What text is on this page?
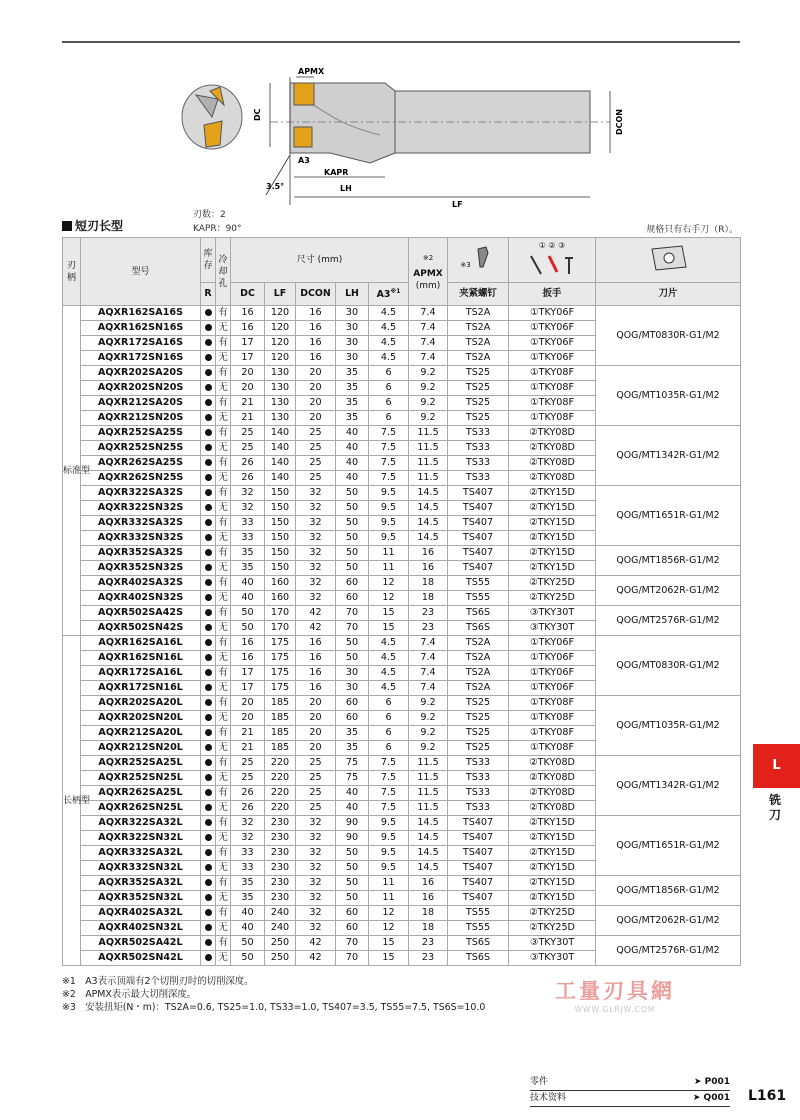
APMX
DC	DCON
A3
KAPR
LH
LF
3.5°
短刃长型
刃数：2
KAPR：90°	规格只有右手刀（R）。
刃柄	型号	库存	冷却孔	尺寸 (mm)					$^{※2}$
APMX
(mm)	$^{※3}$	① ② ③

		R		DC	LF	DCON	LH	A3$^{※1}$		夹紧螺钉	扳手	刀片
标准型	AQXR162SA16S		有	16	120	16	30	4.5	7.4	TS2A	①TKY06F	QOG/MT0830R-G1/M2
	AQXR162SN16S		无	16	120	16	30	4.5	7.4	TS2A	①TKY06F	
	AQXR172SA16S		有	17	120	16	30	4.5	7.4	TS2A	①TKY06F	
	AQXR172SN16S		无	17	120	16	30	4.5	7.4	TS2A	①TKY06F	
	AQXR202SA20S		有	20	130	20	35	6	9.2	TS25	①TKY08F	QOG/MT1035R-G1/M2
	AQXR202SN20S		无	20	130	20	35	6	9.2	TS25	①TKY08F	
	AQXR212SA20S		有	21	130	20	35	6	9.2	TS25	①TKY08F	
	AQXR212SN20S		无	21	130	20	35	6	9.2	TS25	①TKY08F	
	AQXR252SA25S		有	25	140	25	40	7.5	11.5	TS33	②TKY08D	QOG/MT1342R-G1/M2
	AQXR252SN25S		无	25	140	25	40	7.5	11.5	TS33	②TKY08D	
	AQXR262SA25S		有	26	140	25	40	7.5	11.5	TS33	②TKY08D	
	AQXR262SN25S		无	26	140	25	40	7.5	11.5	TS33	②TKY08D	
	AQXR322SA32S		有	32	150	32	50	9.5	14.5	TS407	②TKY15D	QOG/MT1651R-G1/M2
	AQXR322SN32S		无	32	150	32	50	9.5	14.5	TS407	②TKY15D	
	AQXR332SA32S		有	33	150	32	50	9.5	14.5	TS407	②TKY15D	
	AQXR332SN32S		无	33	150	32	50	9.5	14.5	TS407	②TKY15D	
	AQXR352SA32S		有	35	150	32	50	11	16	TS407	②TKY15D	QOG/MT1856R-G1/M2
	AQXR352SN32S		无	35	150	32	50	11	16	TS407	②TKY15D	
	AQXR402SA32S		有	40	160	32	60	12	18	TS55	②TKY25D	QOG/MT2062R-G1/M2
	AQXR402SN32S		无	40	160	32	60	12	18	TS55	②TKY25D	
	AQXR502SA42S		有	50	170	42	70	15	23	TS6S	③TKY30T	QOG/MT2576R-G1/M2
	AQXR502SN42S		无	50	170	42	70	15	23	TS6S	③TKY30T	
长柄型	AQXR162SA16L		有	16	175	16	50	4.5	7.4	TS2A	①TKY06F	QOG/MT0830R-G1/M2
	AQXR162SN16L		无	16	175	16	50	4.5	7.4	TS2A	①TKY06F	
	AQXR172SA16L		有	17	175	16	30	4.5	7.4	TS2A	①TKY06F	
	AQXR172SN16L		无	17	175	16	30	4.5	7.4	TS2A	①TKY06F	
	AQXR202SA20L		有	20	185	20	60	6	9.2	TS25	①TKY08F	QOG/MT1035R-G1/M2
	AQXR202SN20L		无	20	185	20	60	6	9.2	TS25	①TKY08F	
	AQXR212SA20L		有	21	185	20	35	6	9.2	TS25	①TKY08F	
	AQXR212SN20L		无	21	185	20	35	6	9.2	TS25	①TKY08F	
	AQXR252SA25L		有	25	220	25	75	7.5	11.5	TS33	②TKY08D	QOG/MT1342R-G1/M2
	AQXR252SN25L		无	25	220	25	75	7.5	11.5	TS33	②TKY08D	
	AQXR262SA25L		有	26	220	25	40	7.5	11.5	TS33	②TKY08D	
	AQXR262SN25L		无	26	220	25	40	7.5	11.5	TS33	②TKY08D	
	AQXR322SA32L		有	32	230	32	90	9.5	14.5	TS407	②TKY15D	QOG/MT1651R-G1/M2
	AQXR322SN32L		无	32	230	32	90	9.5	14.5	TS407	②TKY15D	
	AQXR332SA32L		有	33	230	32	50	9.5	14.5	TS407	②TKY15D	
	AQXR332SN32L		无	33	230	32	50	9.5	14.5	TS407	②TKY15D	
	AQXR352SA32L		有	35	230	32	50	11	16	TS407	②TKY15D	QOG/MT1856R-G1/M2
	AQXR352SN32L		无	35	230	32	50	11	16	TS407	②TKY15D	
	AQXR402SA32L		有	40	240	32	60	12	18	TS55	②TKY25D	QOG/MT2062R-G1/M2
	AQXR402SN32L		无	40	240	32	60	12	18	TS55	②TKY25D	
	AQXR502SA42L		有	50	250	42	70	15	23	TS6S	③TKY30T	QOG/MT2576R-G1/M2
	AQXR502SN42L		无	50	250	42	70	15	23	TS6S	③TKY30T	
※1　A3表示顶端有2个切削刃时的切削深度。
※2　APMX表示最大切削深度。
※3　安装扭矩(N・m)：TS2A=0.6, TS25=1.0, TS33=1.0, TS407=3.5, TS55=7.5, TS6S=10.0
工量刃具網
WWW.GLRJW.COM
L
铣刀
零件	➤ P001
技术资料	➤ Q001 L161
